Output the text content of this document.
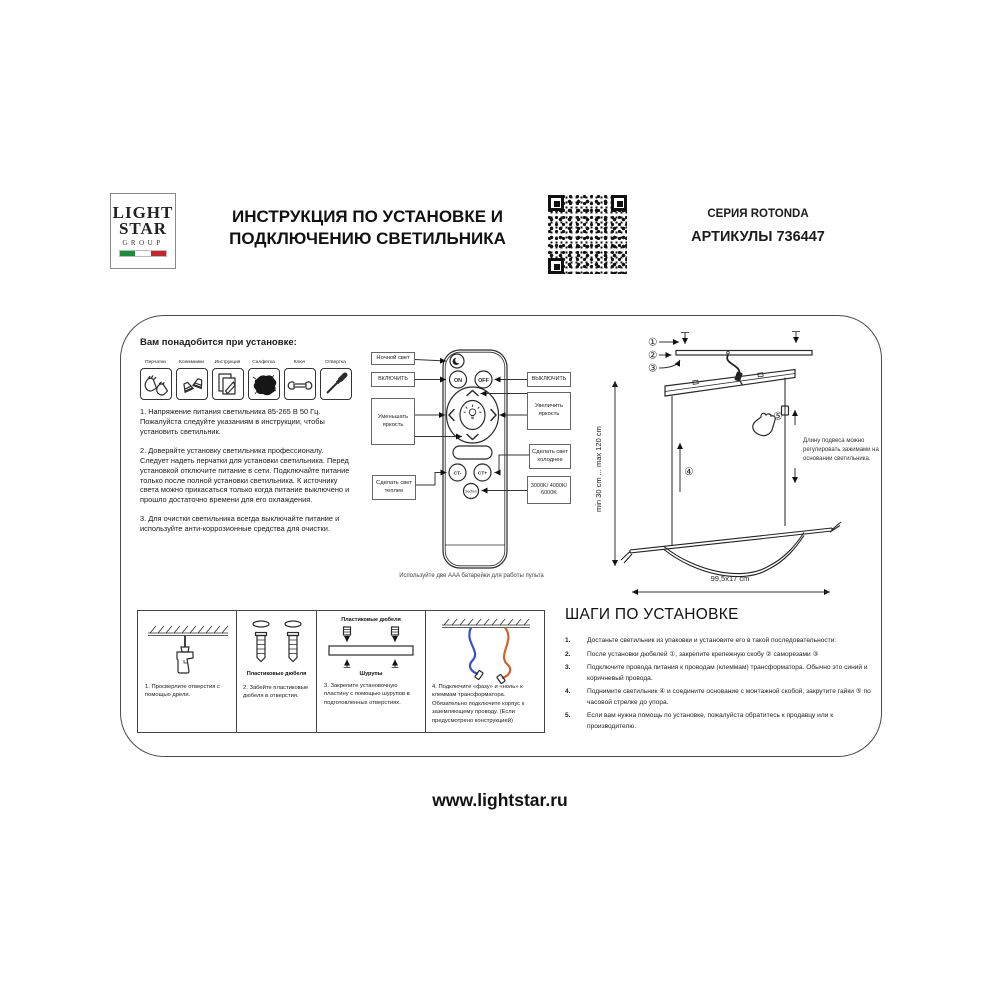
LIGHT
STAR
GROUP
ИНСТРУКЦИЯ ПО УСТАНОВКЕ И
ПОДКЛЮЧЕНИЮ СВЕТИЛЬНИКА
СЕРИЯ ROTONDA
АРТИКУЛЫ 736447
Вам понадобится при установке:
Перчатки	Клеммники	Инструкция	Салфетка	Ключ	Отвертка

1. Напряжение питания светильника 85-265 В 50 Гц. Пожалуйста следуйте указаниям в инструкции, чтобы установить светильник.

2. Доверяйте установку светильника профессионалу. Следует надеть перчатки для установки светильника. Перед установкой отключите питание в сети. Подключайте питание только после полной установки светильника. К источнику света можно прикасаться только когда питание выключено и прошло достаточно времени для его охлаждения.

3. Для очистки светильника всегда выключайте питание и используйте анти-коррозионные средства для очистки.

ON	OFF
CT-	CT+
Section
Ночной свет
ВКЛЮЧИТЬ
Уменьшать яркость
Сделать свет теплее
ВЫКЛЮЧИТЬ
Увеличить яркость
Сделать свет холоднее
3000K/ 4000K/ 6000K
Используйте две AAA батарейки для работы пульта
①
②
③
④
⑤
Длину подвеса можно регулировать зажимами на основании светильника.
min 30 cm ... max 120 cm
99,5x17 cm
1. Просверлите отверстия с помощью дрели.
Пластиковые дюбеля
2. Забейте пластиковые дюбеля в отверстия.
Пластиковые дюбеля
Шурупы
3. Закрепите установочную пластину с помощью шурупов в подготовленных отверстиях.
4. Подключите «фазу» и «ноль» к клеммам трансформатора. Обязательно подключите корпус к заземляющему проводу. (Если предусмотрено конструкцией)
ШАГИ ПО УСТАНОВКЕ
1.	Достаньте светильник из упаковки и установите его в такой последовательности:
2.	После установки дюбелей ①, закрепите крепежную скобу ② саморезами ③
3.	Подключите провода питания к проводам (клеммам) трансформатора. Обычно это синий и коричневый провода.
4.	Поднимите светильник ④ и соедините основание с монтажной скобой, закрутите гайки ⑤ по часовой стрелке до упора.
5.	Если вам нужна помощь по установке, пожалуйста обратитесь к продавцу или к производителю.
www.lightstar.ru
